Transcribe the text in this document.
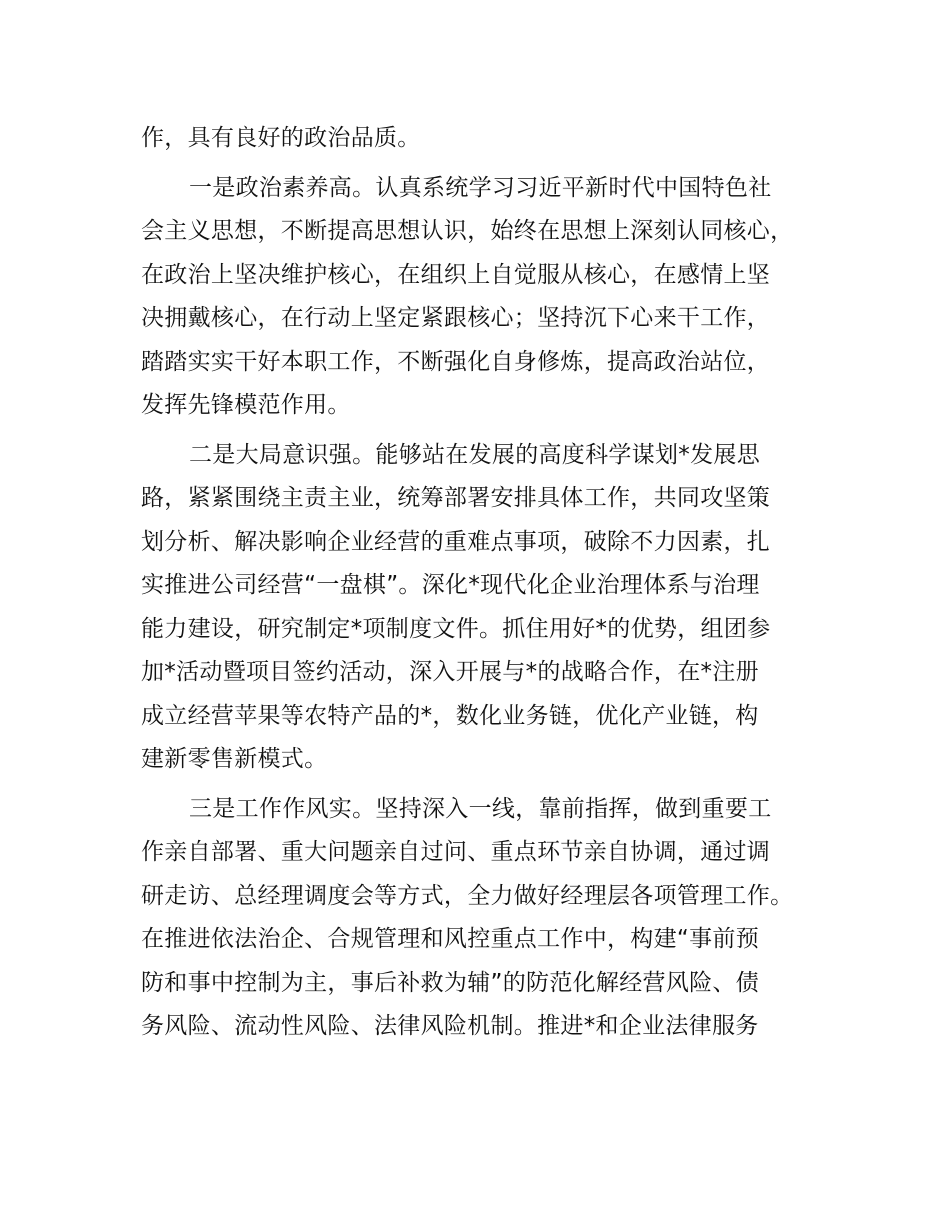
作，具有良好的政治品质。

一是政治素养高。认真系统学习习近平新时代中国特色社
会主义思想，不断提高思想认识，始终在思想上深刻认同核心，
在政治上坚决维护核心，在组织上自觉服从核心，在感情上坚
决拥戴核心，在行动上坚定紧跟核心；坚持沉下心来干工作，
踏踏实实干好本职工作，不断强化自身修炼，提高政治站位，
发挥先锋模范作用。

二是大局意识强。能够站在发展的高度科学谋划*发展思
路，紧紧围绕主责主业，统筹部署安排具体工作，共同攻坚策
划分析、解决影响企业经营的重难点事项，破除不力因素，扎
实推进公司经营“一盘棋”。深化*现代化企业治理体系与治理
能力建设，研究制定*项制度文件。抓住用好*的优势，组团参
加*活动暨项目签约活动，深入开展与*的战略合作，在*注册
成立经营苹果等农特产品的*，数化业务链，优化产业链，构
建新零售新模式。

三是工作作风实。坚持深入一线，靠前指挥，做到重要工
作亲自部署、重大问题亲自过问、重点环节亲自协调，通过调
研走访、总经理调度会等方式，全力做好经理层各项管理工作。
在推进依法治企、合规管理和风控重点工作中，构建“事前预
防和事中控制为主，事后补救为辅”的防范化解经营风险、债
务风险、流动性风险、法律风险机制。推进*和企业法律服务
